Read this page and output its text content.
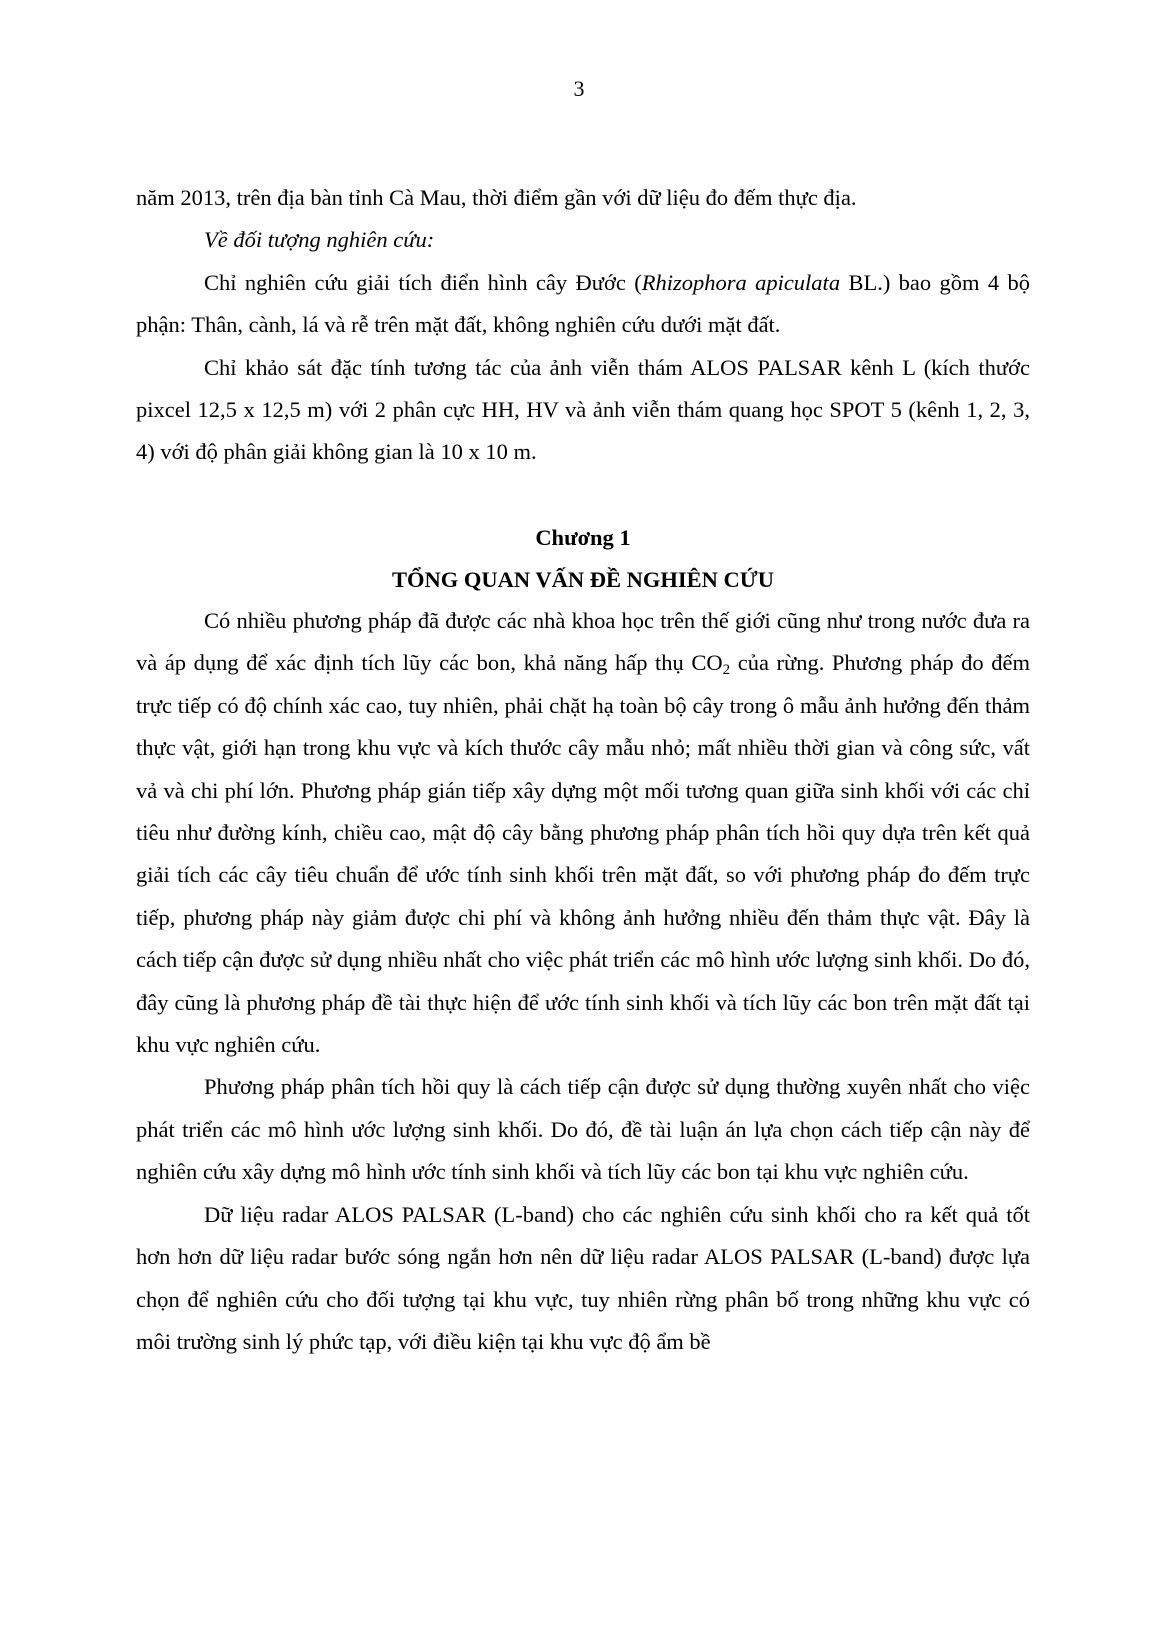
3

năm 2013, trên địa bàn tỉnh Cà Mau, thời điểm gần với dữ liệu đo đếm thực địa.

Về đối tượng nghiên cứu:

Chỉ nghiên cứu giải tích điển hình cây Đước (Rhizophora apiculata BL.) bao gồm 4 bộ phận: Thân, cành, lá và rễ trên mặt đất, không nghiên cứu dưới mặt đất.

Chỉ khảo sát đặc tính tương tác của ảnh viễn thám ALOS PALSAR kênh L (kích thước pixcel 12,5 x 12,5 m) với 2 phân cực HH, HV và ảnh viễn thám quang học SPOT 5 (kênh 1, 2, 3, 4) với độ phân giải không gian là 10 x 10 m.

Chương 1

TỔNG QUAN VẤN ĐỀ NGHIÊN CỨU

Có nhiều phương pháp đã được các nhà khoa học trên thế giới cũng như trong nước đưa ra và áp dụng để xác định tích lũy các bon, khả năng hấp thụ $CO_2$ của rừng. Phương pháp đo đếm trực tiếp có độ chính xác cao, tuy nhiên, phải chặt hạ toàn bộ cây trong ô mẫu ảnh hưởng đến thảm thực vật, giới hạn trong khu vực và kích thước cây mẫu nhỏ; mất nhiều thời gian và công sức, vất vả và chi phí lớn. Phương pháp gián tiếp xây dựng một mối tương quan giữa sinh khối với các chỉ tiêu như đường kính, chiều cao, mật độ cây bằng phương pháp phân tích hồi quy dựa trên kết quả giải tích các cây tiêu chuẩn để ước tính sinh khối trên mặt đất, so với phương pháp đo đếm trực tiếp, phương pháp này giảm được chi phí và không ảnh hưởng nhiều đến thảm thực vật. Đây là cách tiếp cận được sử dụng nhiều nhất cho việc phát triển các mô hình ước lượng sinh khối. Do đó, đây cũng là phương pháp đề tài thực hiện để ước tính sinh khối và tích lũy các bon trên mặt đất tại khu vực nghiên cứu.

Phương pháp phân tích hồi quy là cách tiếp cận được sử dụng thường xuyên nhất cho việc phát triển các mô hình ước lượng sinh khối. Do đó, đề tài luận án lựa chọn cách tiếp cận này để nghiên cứu xây dựng mô hình ước tính sinh khối và tích lũy các bon tại khu vực nghiên cứu.

Dữ liệu radar ALOS PALSAR (L-band) cho các nghiên cứu sinh khối cho ra kết quả tốt hơn hơn dữ liệu radar bước sóng ngắn hơn nên dữ liệu radar ALOS PALSAR (L-band) được lựa chọn để nghiên cứu cho đối tượng tại khu vực, tuy nhiên rừng phân bố trong những khu vực có môi trường sinh lý phức tạp, với điều kiện tại khu vực độ ẩm bề
